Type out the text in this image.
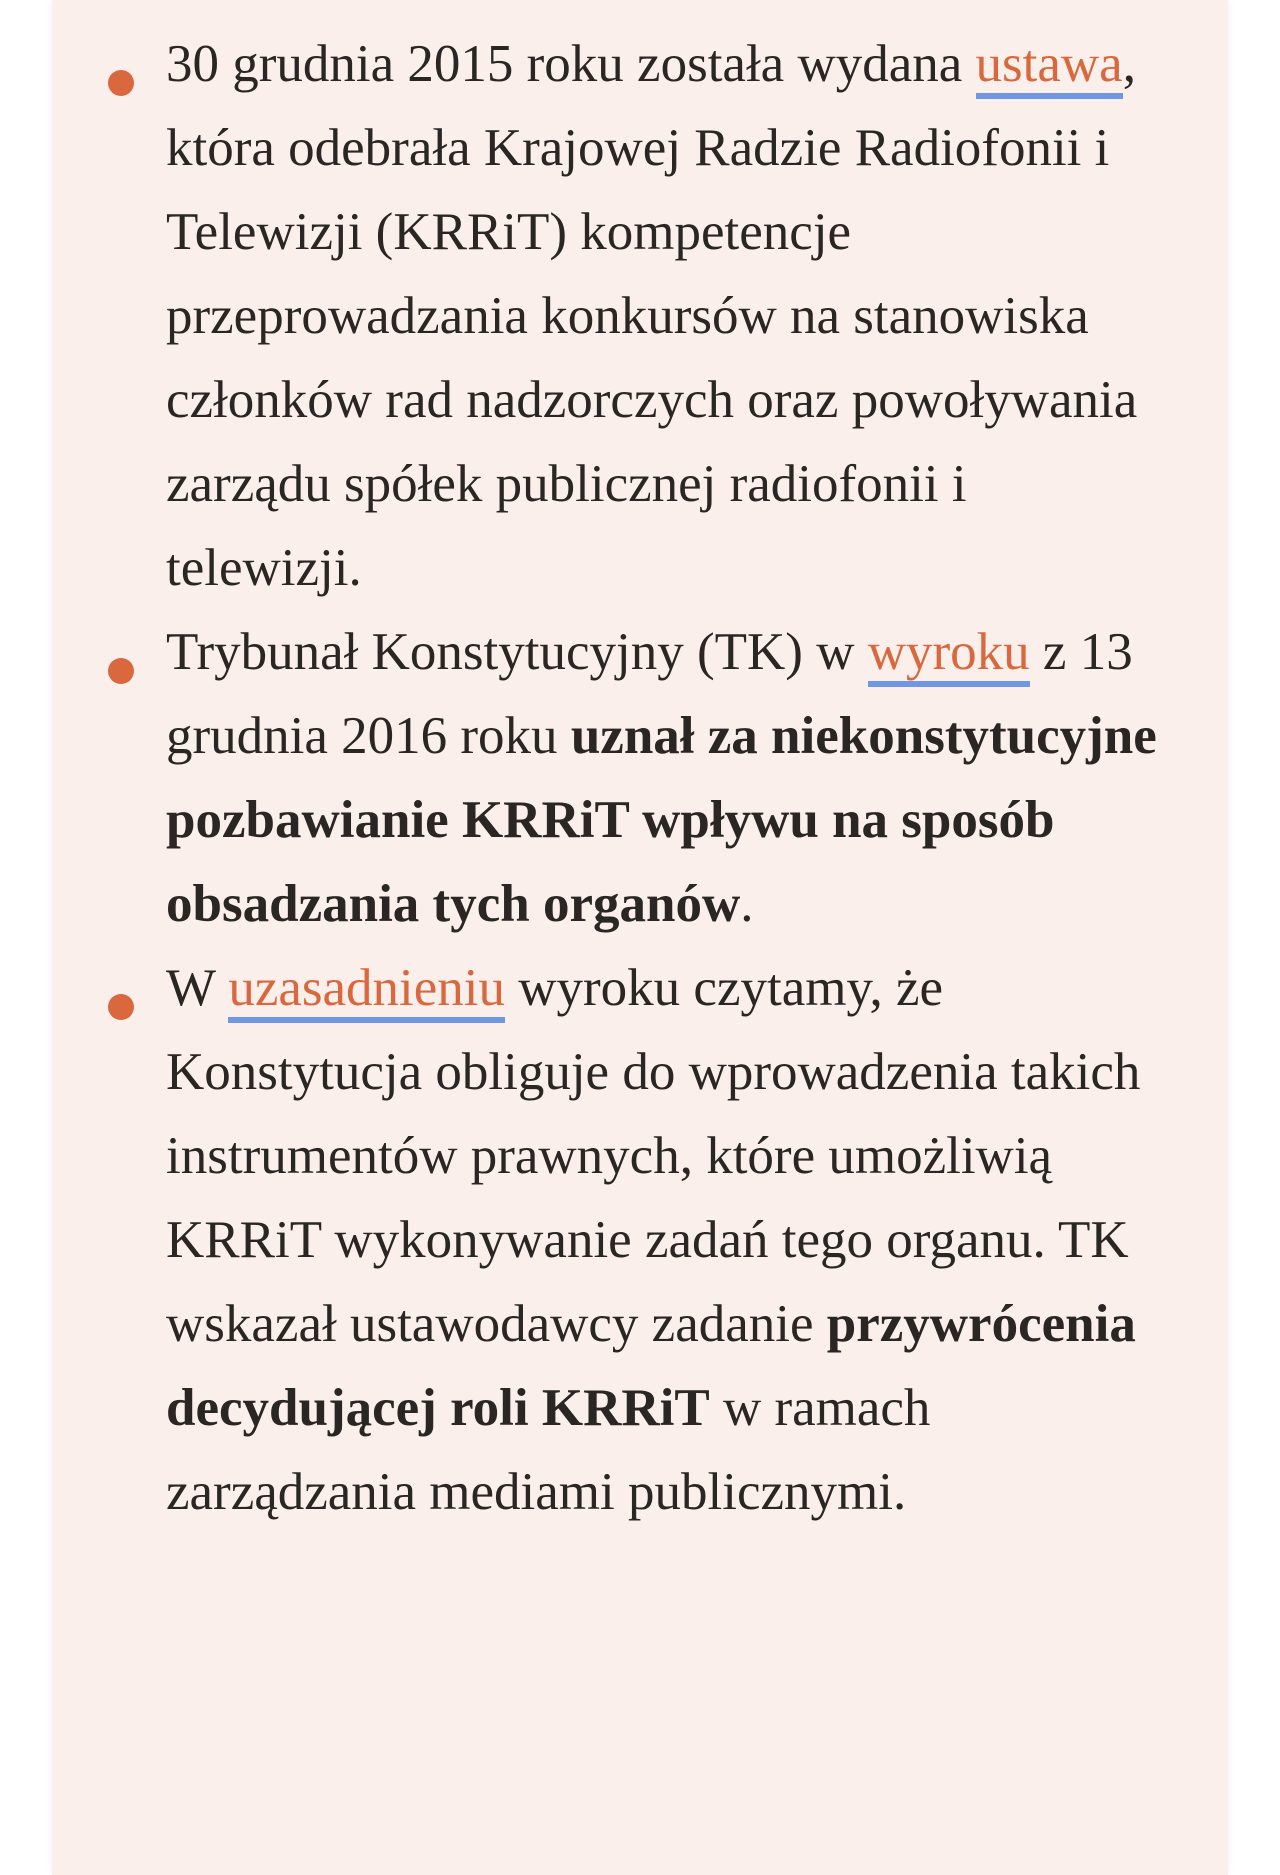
30 grudnia 2015 roku została wydana ustawa, która odebrała Krajowej Radzie Radiofonii i Telewizji (KRRiT) kompetencje przeprowadzania konkursów na stanowiska członków rad nadzorczych oraz powoływania zarządu spółek publicznej radiofonii i telewizji.
Trybunał Konstytucyjny (TK) w wyroku z 13 grudnia 2016 roku uznał za niekonstytucyjne pozbawianie KRRiT wpływu na sposób obsadzania tych organów.
W uzasadnieniu wyroku czytamy, że Konstytucja obliguje do wprowadzenia takich instrumentów prawnych, które umożliwią KRRiT wykonywanie zadań tego organu. TK wskazał ustawodawcy zadanie przywrócenia decydującej roli KRRiT w ramach zarządzania mediami publicznymi.
